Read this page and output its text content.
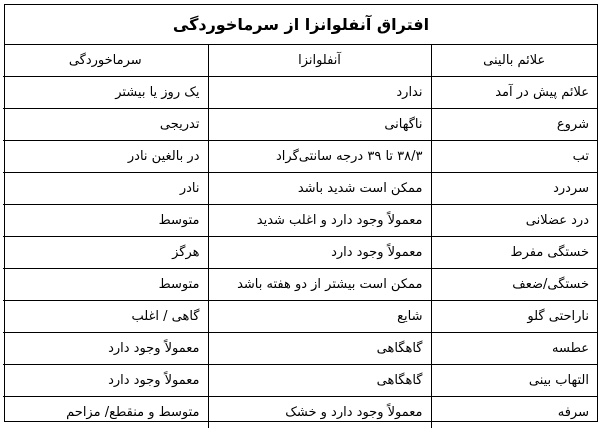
افتراق آنفلوانزا از سرماخوردگی
علائم بالینی	آنفلوانزا	سرماخوردگی
علائم پیش در آمد	ندارد	یک روز یا بیشتر
شروع	ناگهانی	تدریجی
تب	۳۸/۳ تا ۳۹ درجه سانتی‌گراد	در بالغین نادر
سردرد	ممکن است شدید باشد	نادر
درد عضلانی	معمولاً وجود دارد و اغلب شدید	متوسط
خستگی مفرط	معمولاً وجود دارد	هرگز
خستگی/ضعف	ممکن است بیشتر از دو هفته باشد	متوسط
ناراحتی گلو	شایع	گاهی / اغلب
عطسه	گاهگاهی	معمولاً وجود دارد
التهاب بینی	گاهگاهی	معمولاً وجود دارد
سرفه	معمولاً وجود دارد و خشک	متوسط و منقطع/ مزاحم
